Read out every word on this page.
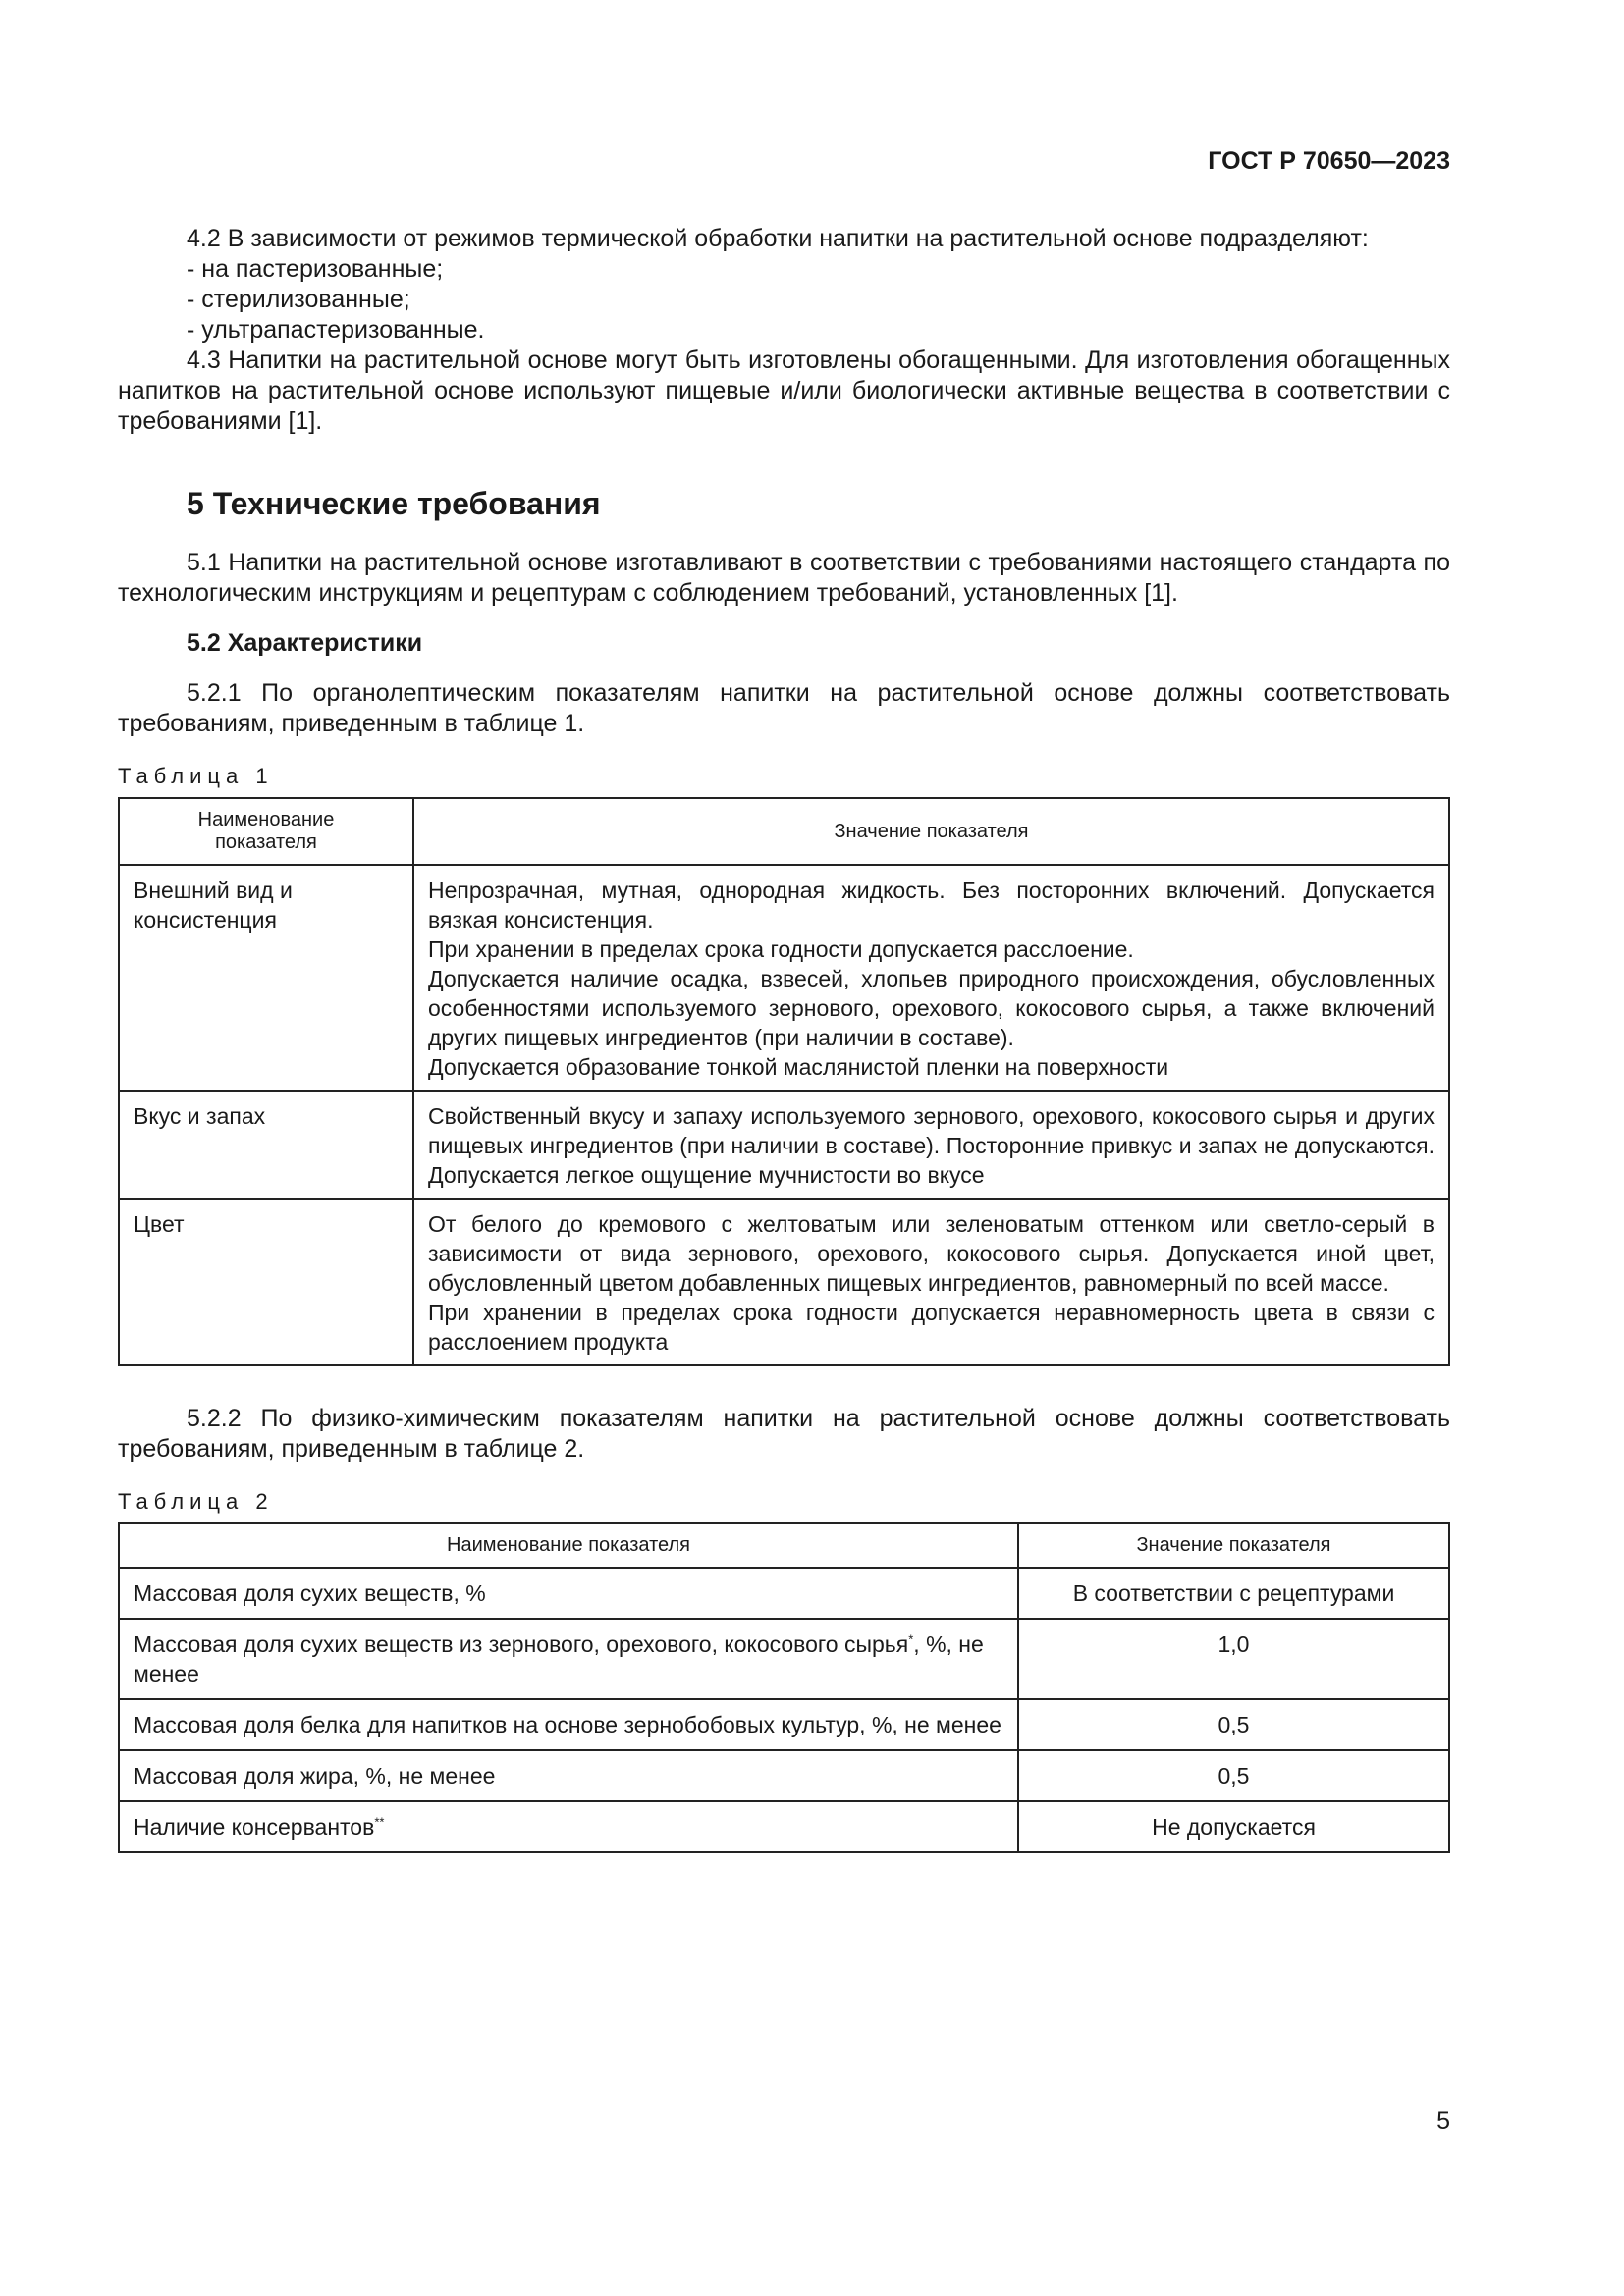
ГОСТ Р 70650—2023

4.2 В зависимости от режимов термической обработки напитки на растительной основе подразделяют:

- на пастеризованные;

- стерилизованные;

- ультрапастеризованные.

4.3 Напитки на растительной основе могут быть изготовлены обогащенными. Для изготовления обогащенных напитков на растительной основе используют пищевые и/или биологически активные вещества в соответствии с требованиями [1].

5 Технические требования

5.1 Напитки на растительной основе изготавливают в соответствии с требованиями настоящего стандарта по технологическим инструкциям и рецептурам с соблюдением требований, установленных [1].

5.2 Характеристики

5.2.1 По органолептическим показателям напитки на растительной основе должны соответствовать требованиям, приведенным в таблице 1.

Таблица 1
Наименование показателя	Значение показателя
Внешний вид и консистенция	Непрозрачная, мутная, однородная жидкость. Без посторонних включений. Допускается вязкая консистенция.
При хранении в пределах срока годности допускается расслоение.
Допускается наличие осадка, взвесей, хлопьев природного происхождения, обусловленных особенностями используемого зернового, орехового, кокосового сырья, а также включений других пищевых ингредиентов (при наличии в составе).
Допускается образование тонкой маслянистой пленки на поверхности

Вкус и запах	Свойственный вкусу и запаху используемого зернового, орехового, кокосового сырья и других пищевых ингредиентов (при наличии в составе). Посторонние привкус и запах не допускаются. Допускается легкое ощущение мучнистости во вкусе

Цвет	От белого до кремового с желтоватым или зеленоватым оттенком или светло-серый в зависимости от вида зернового, орехового, кокосового сырья. Допускается иной цвет, обусловленный цветом добавленных пищевых ингредиентов, равномерный по всей массе.
При хранении в пределах срока годности допускается неравномерность цвета в связи с расслоением продукта

5.2.2 По физико-химическим показателям напитки на растительной основе должны соответствовать требованиям, приведенным в таблице 2.

Таблица 2
Наименование показателя	Значение показателя
Массовая доля сухих веществ, %	В соответствии с рецептурами
Массовая доля сухих веществ из зернового, орехового, кокосового сырья*, %, не менее	1,0
Массовая доля белка для напитков на основе зернобобовых культур, %, не менее	0,5
Массовая доля жира, %, не менее	0,5
Наличие консервантов**	Не допускается
5
